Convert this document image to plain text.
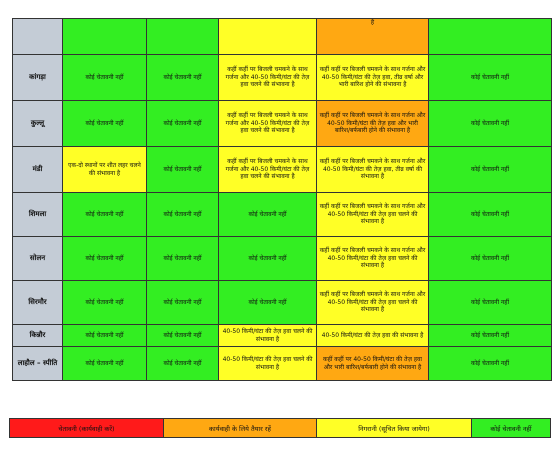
				है	
कांगड़ा	कोई चेतावनी नहीं	कोई चेतावनी नहीं	कहीं कहीं पर बिजली चमकने के साथ गर्जना और 40-50 किमी/घंटा की तेज़ हवा चलने की संभावना है	कहीं कहीं पर बिजली चमकने के साथ गर्जना और 40-50 किमी/घंटा की तेज़ हवा, तीव्र वर्षा और भारी बारिश होने की संभावना है	कोई चेतावनी नहीं
कुल्लू	कोई चेतावनी नहीं	कोई चेतावनी नहीं	कहीं कहीं पर बिजली चमकने के साथ गर्जना और 40-50 किमी/घंटा की तेज़ हवा चलने की संभावना है	कहीं कहीं पर बिजली चमकने के साथ गर्जना और 40-50 किमी/घंटा की तेज़ हवा और भारी बारिश/बर्फबारी होने की संभावना है	कोई चेतावनी नहीं
मंडी	एक-दो स्थानों पर शीत लहर चलने की संभावना है	कोई चेतावनी नहीं	कहीं कहीं पर बिजली चमकने के साथ गर्जना और 40-50 किमी/घंटा की तेज़ हवा चलने की संभावना है	कहीं कहीं पर बिजली चमकने के साथ गर्जना और 40-50 किमी/घंटा की तेज़ हवा, तीव्र वर्षा की संभावना है	कोई चेतावनी नहीं
शिमला	कोई चेतावनी नहीं	कोई चेतावनी नहीं	कोई चेतावनी नहीं	कहीं कहीं पर बिजली चमकने के साथ गर्जना और 40-50 किमी/घंटा की तेज़ हवा चलने की संभावना है	कोई चेतावनी नहीं
सोलन	कोई चेतावनी नहीं	कोई चेतावनी नहीं	कोई चेतावनी नहीं	कहीं कहीं पर बिजली चमकने के साथ गर्जना और 40-50 किमी/घंटा की तेज़ हवा चलने की संभावना है	कोई चेतावनी नहीं
सिरमौर	कोई चेतावनी नहीं	कोई चेतावनी नहीं	कोई चेतावनी नहीं	कहीं कहीं पर बिजली चमकने के साथ गर्जना और 40-50 किमी/घंटा की तेज़ हवा चलने की संभावना है	कोई चेतावनी नहीं
किन्नौर	कोई चेतावनी नहीं	कोई चेतावनी नहीं	40-50 किमी/घंटा की तेज़ हवा चलने की संभावना है	40-50 किमी/घंटा की तेज़ हवा की संभावना है	कोई चेतावनी नहीं
लाहौल – स्पीति	कोई चेतावनी नहीं	कोई चेतावनी नहीं	40-50 किमी/घंटा की तेज़ हवा चलने की संभावना है	कहीं कहीं पर 40-50 किमी/घंटा की तेज़ हवा और भारी बारिश/बर्फबारी होने की संभावना है	कोई चेतावनी नहीं
चेतावनी (कार्यवाही करें)	कार्यवाही के लिये तैयार रहें	निगरानी (सूचित किया जायेगा)	कोई चेतावनी नहीं
